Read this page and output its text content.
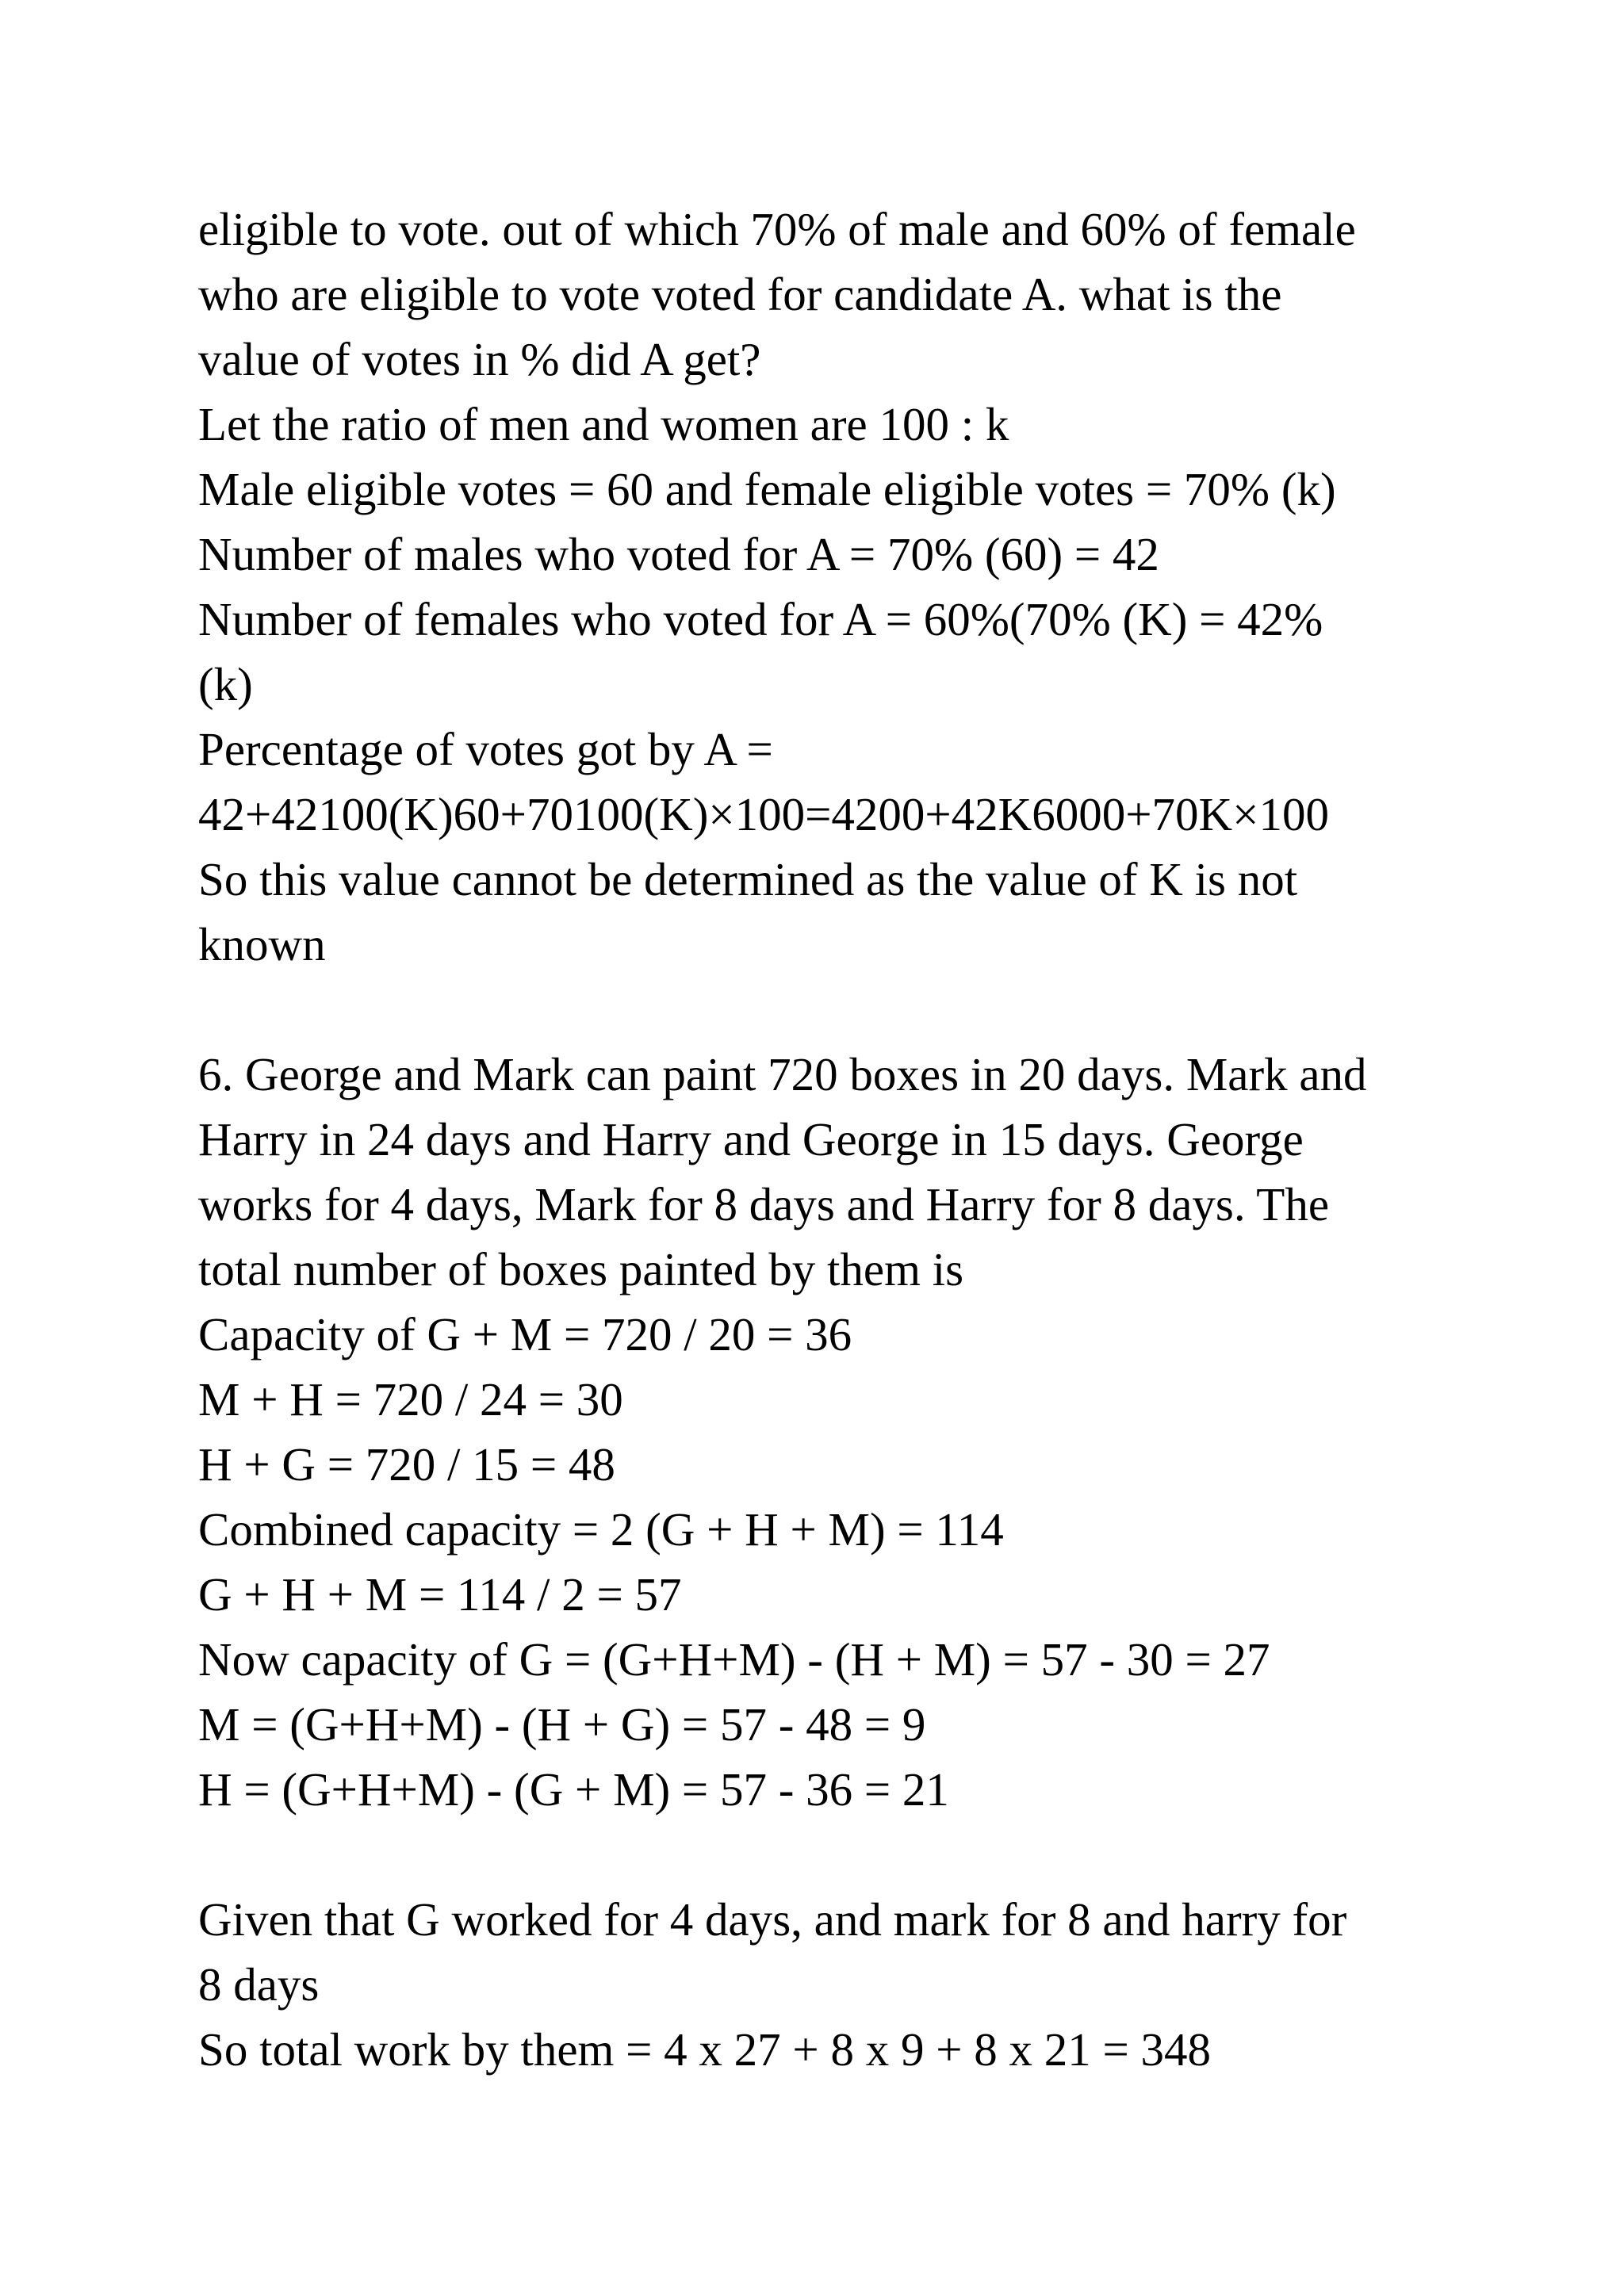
eligible to vote. out of which 70% of male and 60% of female
who are eligible to vote voted for candidate A. what is the
value of votes in % did A get?
Let the ratio of men and women are 100 : k
Male eligible votes = 60 and female eligible votes = 70% (k)
Number of males who voted for A = 70% (60) = 42
Number of females who voted for A = 60%(70% (K) = 42%
(k)
Percentage of votes got by A =
42+42100(K)60+70100(K)×100=4200+42K6000+70K×100
So this value cannot be determined as the value of K is not
known
6. George and Mark can paint 720 boxes in 20 days. Mark and
Harry in 24 days and Harry and George in 15 days. George
works for 4 days, Mark for 8 days and Harry for 8 days. The
total number of boxes painted by them is
Capacity of G + M = 720 / 20 = 36
M + H = 720 / 24 = 30
H + G = 720 / 15 = 48
Combined capacity = 2 (G + H + M) = 114
G + H + M = 114 / 2 = 57
Now capacity of G = (G+H+M) - (H + M) = 57 - 30 = 27
M = (G+H+M) - (H + G) = 57 - 48 = 9
H = (G+H+M) - (G + M) = 57 - 36 = 21
Given that G worked for 4 days, and mark for 8 and harry for
8 days
So total work by them = 4 x 27 + 8 x 9 + 8 x 21 = 348
